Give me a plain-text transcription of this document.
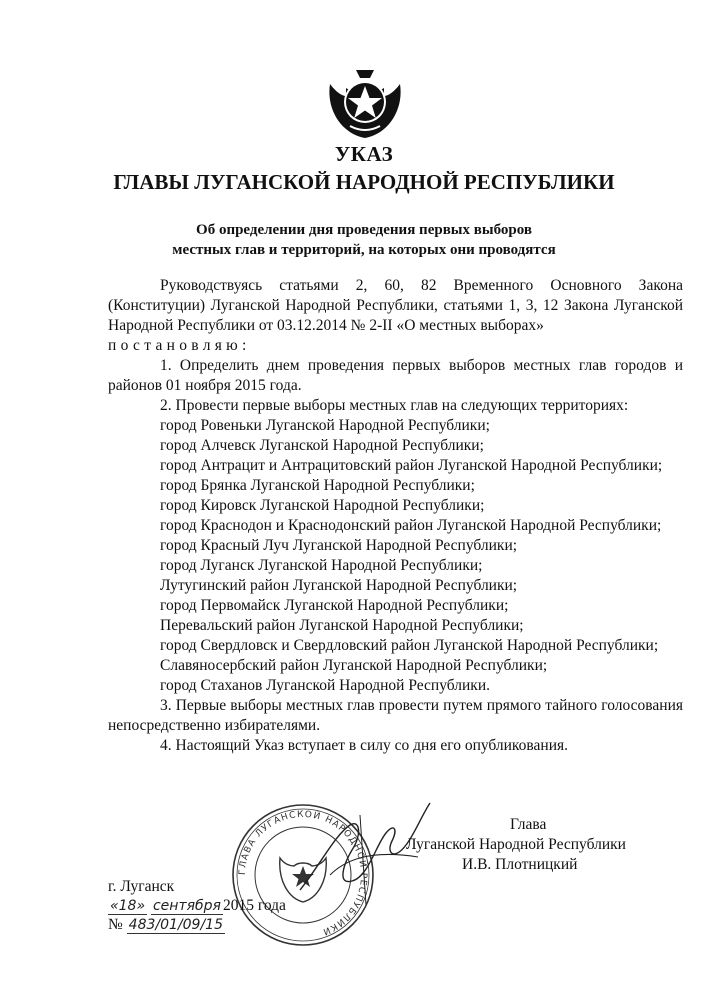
УКАЗ
ГЛАВЫ ЛУГАНСКОЙ НАРОДНОЙ РЕСПУБЛИКИ
Об определении дня проведения первых выборов
местных глав и территорий, на которых они проводятся

Руководствуясь статьями 2, 60, 82 Временного Основного Закона (Конституции) Луганской Народной Республики, статьями 1, 3, 12 Закона Луганской Народной Республики от 03.12.2014 № 2-II «О местных выборах»

постановляю:

1. Определить днем проведения первых выборов местных глав городов и районов 01 ноября 2015 года.

2. Провести первые выборы местных глав на следующих территориях:

город Ровеньки Луганской Народной Республики;

город Алчевск Луганской Народной Республики;

город Антрацит и Антрацитовский район Луганской Народной Республики;

город Брянка Луганской Народной Республики;

город Кировск Луганской Народной Республики;

город Краснодон и Краснодонский район Луганской Народной Республики;

город Красный Луч Луганской Народной Республики;

город Луганск Луганской Народной Республики;

Лутугинский район Луганской Народной Республики;

город Первомайск Луганской Народной Республики;

Перевальский район Луганской Народной Республики;

город Свердловск и Свердловский район Луганской Народной Республики;

Славяносербский район Луганской Народной Республики;

город Стаханов Луганской Народной Республики.

3. Первые выборы местных глав провести путем прямого тайного голосования непосредственно избирателями.

4. Настоящий Указ вступает в силу со дня его опубликования.

ГЛАВА ЛУГАНСКОЙ НАРОДНОЙ РЕСПУБЛИКИ
Глава
Луганской Народной Республики
И.В. Плотницкий
г. Луганск
«18» сентября 2015 года
№ 483/01/09/15
